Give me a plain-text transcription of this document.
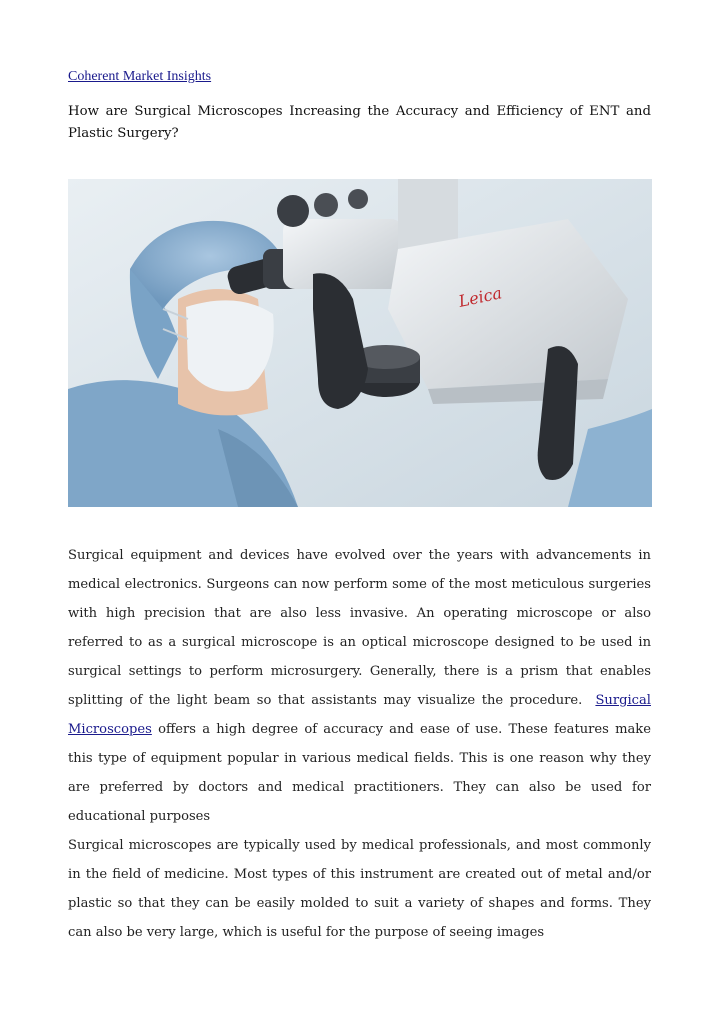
Coherent Market Insights
How are Surgical Microscopes Increasing the Accuracy and Efficiency of ENT and Plastic Surgery?
Leica

Surgical equipment and devices have evolved over the years with advancements in medical electronics. Surgeons can now perform some of the most meticulous surgeries with high precision that are also less invasive. An operating microscope or also referred to as a surgical microscope is an optical microscope designed to be used in surgical settings to perform microsurgery. Generally, there is a prism that enables splitting of the light beam so that assistants may visualize the procedure. Surgical Microscopes offers a high degree of accuracy and ease of use. These features make this type of equipment popular in various medical fields. This is one reason why they are preferred by doctors and medical practitioners. They can also be used for educational purposes

Surgical microscopes are typically used by medical professionals, and most commonly in the field of medicine. Most types of this instrument are created out of metal and/or plastic so that they can be easily molded to suit a variety of shapes and forms. They can also be very large, which is useful for the purpose of seeing images
